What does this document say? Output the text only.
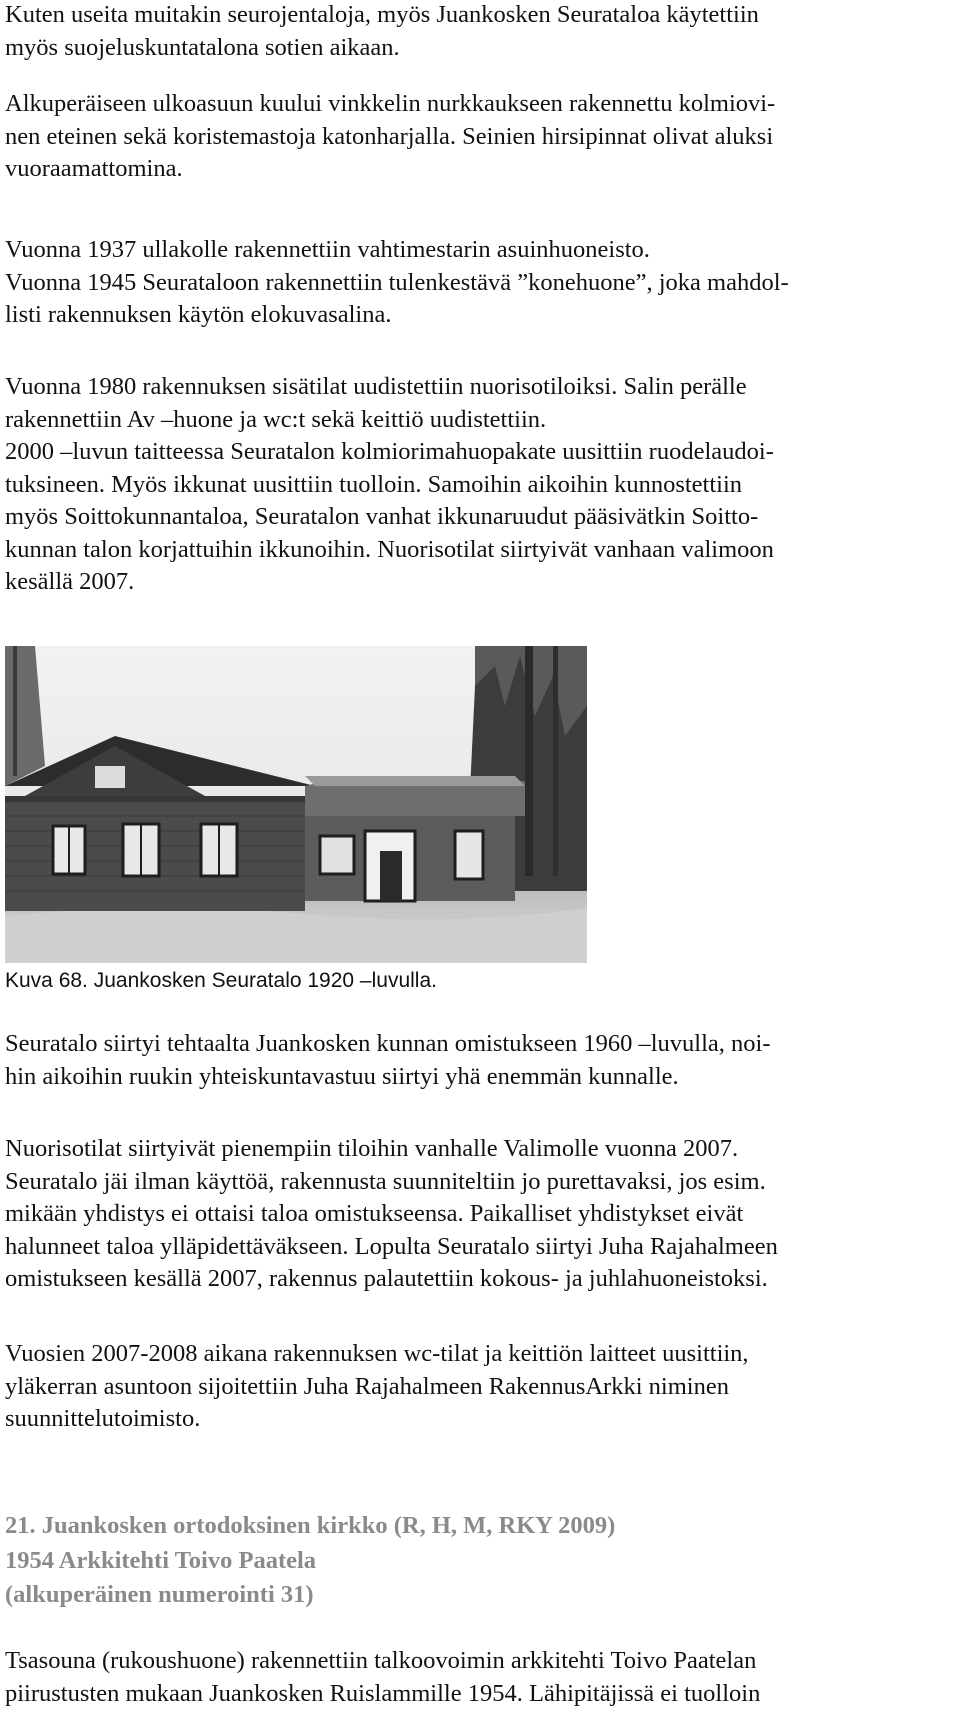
Kuten useita muitakin seurojentaloja, myös Juankosken Seurataloa käytettiin
myös suojeluskuntatalona sotien aikaan.
Alkuperäiseen ulkoasuun kuului vinkkelin nurkkaukseen rakennettu kolmiovi-
nen eteinen sekä koristemastoja katonharjalla. Seinien hirsipinnat olivat aluksi
vuoraamattomina.
Vuonna 1937 ullakolle rakennettiin vahtimestarin asuinhuoneisto.
Vuonna 1945 Seurataloon rakennettiin tulenkestävä ”konehuone”, joka mahdol-
listi rakennuksen käytön elokuvasalina.
Vuonna 1980 rakennuksen sisätilat uudistettiin nuorisotiloiksi. Salin perälle
rakennettiin Av –huone ja wc:t sekä keittiö uudistettiin.
2000 –luvun taitteessa Seuratalon kolmiorimahuopakate uusittiin ruodelaudoi-
tuksineen. Myös ikkunat uusittiin tuolloin. Samoihin aikoihin kunnostettiin
myös Soittokunnantaloa, Seuratalon vanhat ikkunaruudut pääsivätkin Soitto-
kunnan talon korjattuihin ikkunoihin. Nuorisotilat siirtyivät vanhaan valimoon
kesällä 2007.
Kuva 68. Juankosken Seuratalo 1920 –luvulla.
Seuratalo siirtyi tehtaalta Juankosken kunnan omistukseen 1960 –luvulla, noi-
hin aikoihin ruukin yhteiskuntavastuu siirtyi yhä enemmän kunnalle.
Nuorisotilat siirtyivät pienempiin tiloihin vanhalle Valimolle vuonna 2007.
Seuratalo jäi ilman käyttöä, rakennusta suunniteltiin jo purettavaksi, jos esim.
mikään yhdistys ei ottaisi taloa omistukseensa. Paikalliset yhdistykset eivät
halunneet taloa ylläpidettäväkseen. Lopulta Seuratalo siirtyi Juha Rajahalmeen
omistukseen kesällä 2007, rakennus palautettiin kokous- ja juhlahuoneistoksi.
Vuosien 2007-2008 aikana rakennuksen wc-tilat ja keittiön laitteet uusittiin,
yläkerran asuntoon sijoitettiin Juha Rajahalmeen RakennusArkki niminen
suunnittelutoimisto.
21. Juankosken ortodoksinen kirkko (R, H, M, RKY 2009)
1954 Arkkitehti Toivo Paatela
(alkuperäinen numerointi 31)
Tsasouna (rukoushuone) rakennettiin talkoovoimin arkkitehti Toivo Paatelan
piirustusten mukaan Juankosken Ruislammille 1954. Lähipitäjissä ei tuolloin
